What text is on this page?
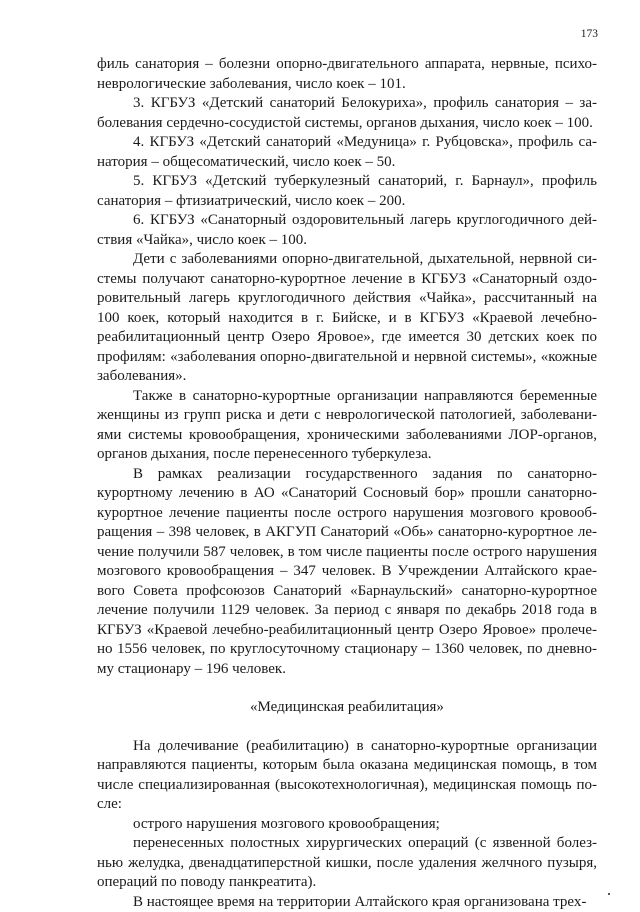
173

филь санатория – болезни опорно-двигательного аппарата, нервные, психоневрологические заболевания, число коек – 101.

3. КГБУЗ «Детский санаторий Белокуриха», профиль санатория – заболевания сердечно-сосудистой системы, органов дыхания, число коек – 100.

4. КГБУЗ «Детский санаторий «Медуница» г. Рубцовска», профиль санатория – общесоматический, число коек – 50.

5. КГБУЗ «Детский туберкулезный санаторий, г. Барнаул», профиль санатория – фтизиатрический, число коек – 200.

6. КГБУЗ «Санаторный оздоровительный лагерь круглогодичного действия «Чайка», число коек – 100.

Дети с заболеваниями опорно-двигательной, дыхательной, нервной системы получают санаторно-курортное лечение в КГБУЗ «Санаторный оздоровительный лагерь круглогодичного действия «Чайка», рассчитанный на 100 коек, который находится в г. Бийске, и в КГБУЗ «Краевой лечебно-реабилитационный центр Озеро Яровое», где имеется 30 детских коек по профилям: «заболевания опорно-двигательной и нервной системы», «кожные заболевания».

Также в санаторно-курортные организации направляются беременные женщины из групп риска и дети с неврологической патологией, заболеваниями системы кровообращения, хроническими заболеваниями ЛОР-органов, органов дыхания, после перенесенного туберкулеза.

В рамках реализации государственного задания по санаторно-курортному лечению в АО «Санаторий Сосновый бор» прошли санаторно-курортное лечение пациенты после острого нарушения мозгового кровообращения – 398 человек, в АКГУП Санаторий «Обь» санаторно-курортное лечение получили 587 человек, в том числе пациенты после острого нарушения мозгового кровообращения – 347 человек. В Учреждении Алтайского краевого Совета профсоюзов Санаторий «Барнаульский» санаторно-курортное лечение получили 1129 человек. За период с января по декабрь 2018 года в КГБУЗ «Краевой лечебно-реабилитационный центр Озеро Яровое» пролечено 1556 человек, по круглосуточному стационару – 1360 человек, по дневному стационару – 196 человек.

«Медицинская реабилитация»

На долечивание (реабилитацию) в санаторно-курортные организации направляются пациенты, которым была оказана медицинская помощь, в том числе специализированная (высокотехнологичная), медицинская помощь после:

острого нарушения мозгового кровообращения;

перенесенных полостных хирургических операций (с язвенной болезнью желудка, двенадцатиперстной кишки, после удаления желчного пузыря, операций по поводу панкреатита).

В настоящее время на территории Алтайского края организована трех-
